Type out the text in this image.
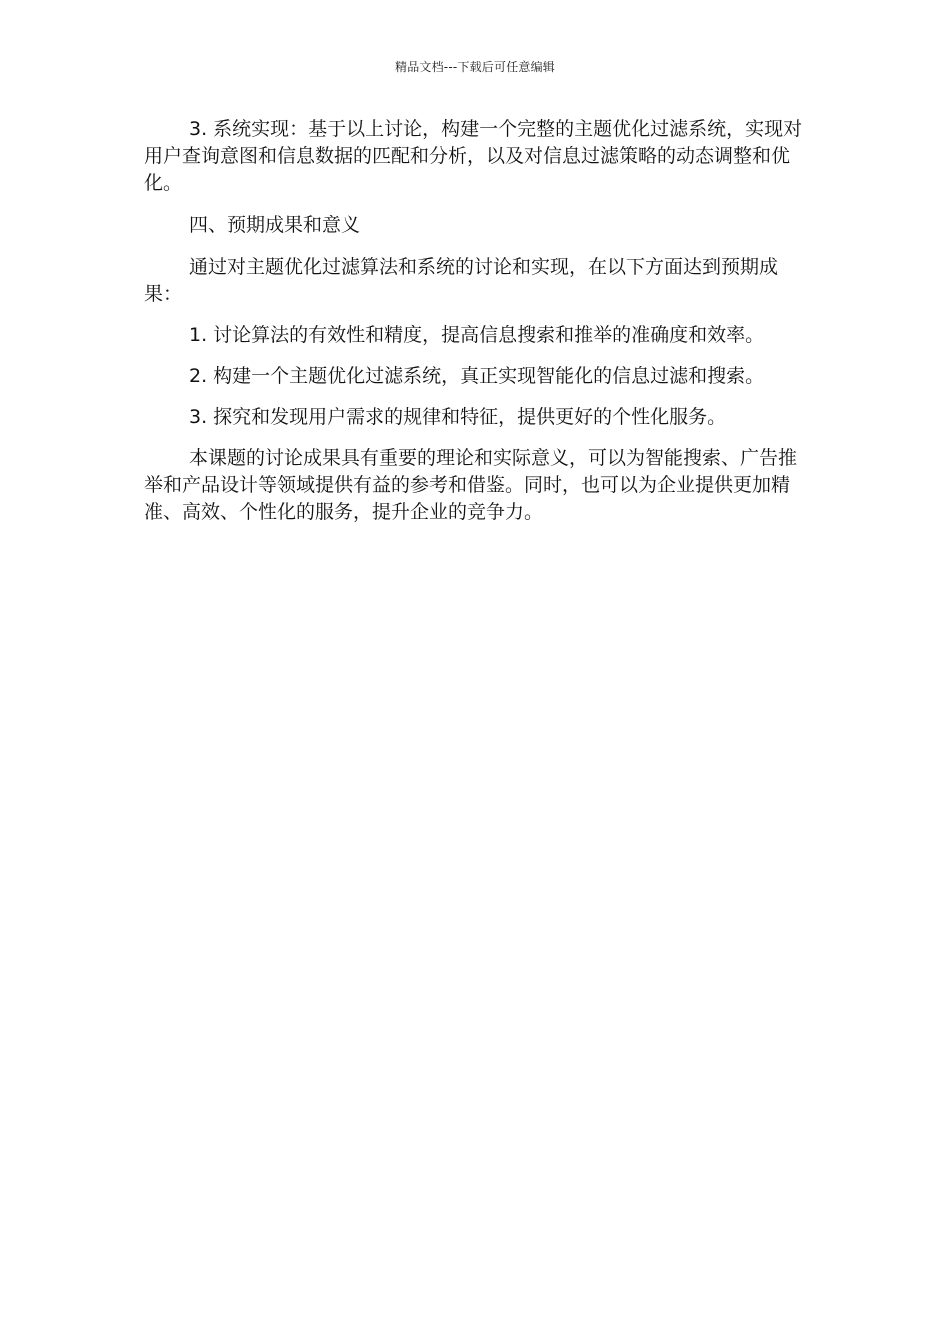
精品文档---下载后可任意编辑

3. 系统实现：基于以上讨论，构建一个完整的主题优化过滤系统，实现对用户查询意图和信息数据的匹配和分析，以及对信息过滤策略的动态调整和优化。

四、预期成果和意义

通过对主题优化过滤算法和系统的讨论和实现，在以下方面达到预期成果：

1. 讨论算法的有效性和精度，提高信息搜索和推举的准确度和效率。

2. 构建一个主题优化过滤系统，真正实现智能化的信息过滤和搜索。

3. 探究和发现用户需求的规律和特征，提供更好的个性化服务。

本课题的讨论成果具有重要的理论和实际意义，可以为智能搜索、广告推举和产品设计等领域提供有益的参考和借鉴。同时，也可以为企业提供更加精准、高效、个性化的服务，提升企业的竞争力。
